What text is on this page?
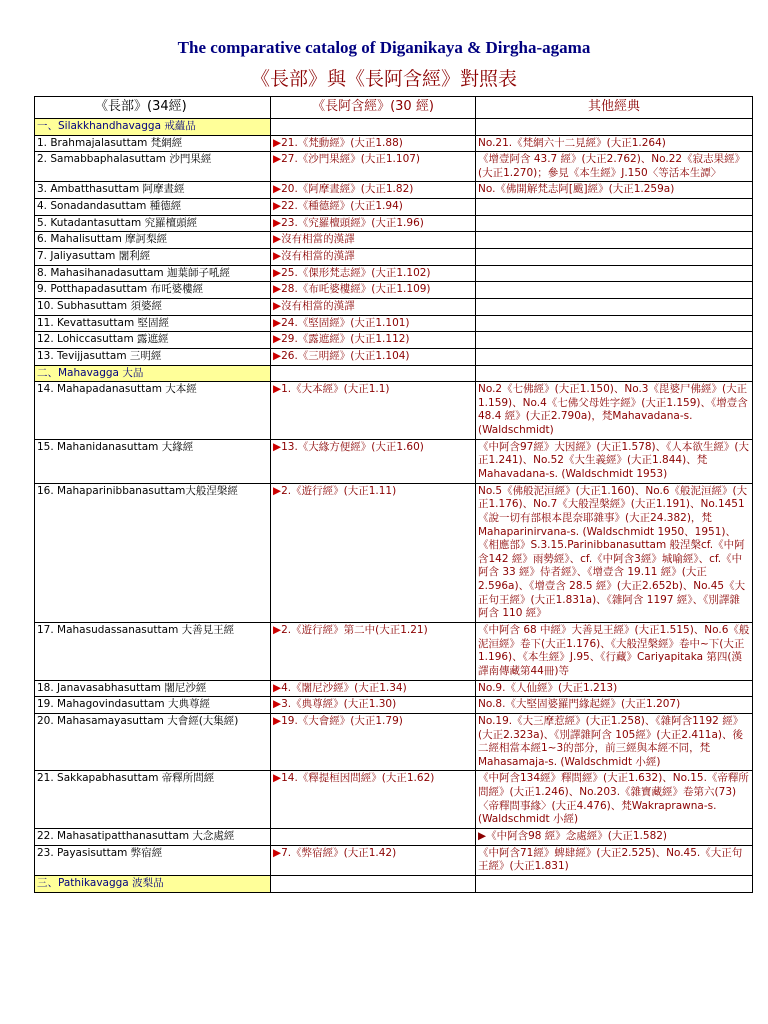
The comparative catalog of Diganikaya & Dirgha-agama
《長部》與《長阿含經》對照表
《長部》(34經)	《長阿含經》(30 經)	其他經典
一、Silakkhandhavagga 戒蘊品		
1. Brahmajalasuttam 梵網經	▶21.《梵動經》(大正1.88)	No.21.《梵網六十二見經》(大正1.264)
2. Samabbaphalasuttam 沙門果經	▶27.《沙門果經》(大正1.107)	《增壹阿含 43.7 經》(大正2.762)、No.22《寂志果經》(大正1.270)；參見《本生經》J.150〈等活本生譚〉
3. Ambatthasuttam 阿摩晝經	▶20.《阿摩晝經》(大正1.82)	No.《佛開解梵志阿[颰]經》(大正1.259a)
4. Sonadandasuttam 種德經	▶22.《種德經》(大正1.94)	
5. Kutadantasuttam 究羅檀頭經	▶23.《究羅檀頭經》(大正1.96)	
6. Mahalisuttam 摩訶梨經	▶沒有相當的漢譯	
7. Jaliyasuttam 闍利經	▶沒有相當的漢譯	
8. Mahasihanadasuttam 迦葉師子吼經	▶25.《倮形梵志經》(大正1.102)	
9. Potthapadasuttam 布吒婆樓經	▶28.《布吒婆樓經》(大正1.109)	
10. Subhasuttam 須婆經	▶沒有相當的漢譯	
11. Kevattasuttam 堅固經	▶24.《堅固經》(大正1.101)	
12. Lohiccasuttam 露遮經	▶29.《露遮經》(大正1.112)	
13. Tevijjasuttam 三明經	▶26.《三明經》(大正1.104)	
二、Mahavagga 大品		
14. Mahapadanasuttam 大本經	▶1.《大本經》(大正1.1)	No.2《七佛經》(大正1.150)、No.3《毘婆尸佛經》(大正1.159)、No.4《七佛父母姓字經》(大正1.159)、《增壹含 48.4 經》(大正2.790a)，梵Mahavadana-s. (Waldschmidt)
15. Mahanidanasuttam 大緣經	▶13.《大緣方便經》(大正1.60)	《中阿含97經》大因經》(大正1.578)、《人本欲生經》(大正1.241)、No.52《大生義經》(大正1.844)、梵Mahavadana-s. (Waldschmidt 1953)
16. Mahaparinibbanasuttam大般涅槃經	▶2.《遊行經》(大正1.11)	No.5《佛般泥洹經》(大正1.160)、No.6《般泥洹經》(大正1.176)、No.7《大般涅槃經》(大正1.191)、No.1451《說一切有部根本毘奈耶雜事》(大正24.382)，梵Mahaparinirvana-s. (Waldschmidt 1950、1951)、《相應部》S.3.15.Parinibbanasuttam 般涅槃cf.《中阿含142 經》雨勢經》、cf.《中阿含3經》城喻經》、cf.《中阿含 33 經》侍者經》、《增壹含 19.11 經》(大正2.596a)、《增壹含 28.5 經》(大正2.652b)、No.45《大正句王經》(大正1.831a)、《雜阿含 1197 經》、《別譯雜阿含 110 經》
17. Mahasudassanasuttam 大善見王經	▶2.《遊行經》第二中(大正1.21)	《中阿含 68 中經》大善見王經》(大正1.515)、No.6《般泥洹經》卷下(大正1.176)、《大般涅槃經》卷中~下(大正1.196)、《本生經》J.95、《行藏》Cariyapitaka 第四(漢譯南傳藏第44冊)等
18. Janavasabhasuttam 闍尼沙經	▶4.《闍尼沙經》(大正1.34)	No.9.《人仙經》(大正1.213)
19. Mahagovindasuttam 大典尊經	▶3.《典尊經》(大正1.30)	No.8.《大堅固婆羅門緣起經》(大正1.207)
20. Mahasamayasuttam 大會經(大集經)	▶19.《大會經》(大正1.79)	No.19.《大三摩惹經》(大正1.258)、《雜阿含1192 經》(大正2.323a)、《別譯雜阿含 105經》(大正2.411a)、後二經相當本經1~3的部分，前三經與本經不同，梵Mahasamaja-s. (Waldschmidt 小經)
21. Sakkapabhasuttam 帝釋所問經	▶14.《釋提桓因問經》(大正1.62)	《中阿含134經》釋問經》(大正1.632)、No.15.《帝釋所問經》(大正1.246)、No.203.《雜寶藏經》卷第六(73)〈帝釋問事緣〉(大正4.476)、梵Wakraprawna-s. (Waldschmidt 小經)
22. Mahasatipatthanasuttam 大念處經		▶《中阿含98 經》念處經》(大正1.582)
23. Payasisuttam 弊宿經	▶7.《弊宿經》(大正1.42)	《中阿含71經》蜱肆經》(大正2.525)、No.45.《大正句王經》(大正1.831)
三、Pathikavagga 波梨品		
